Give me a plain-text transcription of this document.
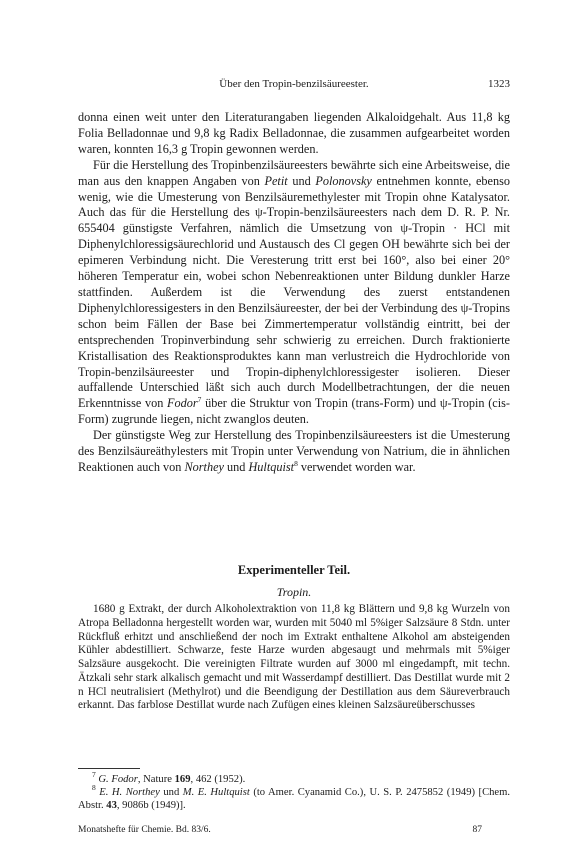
Über den Tropin-benzilsäureester.	1323

donna einen weit unter den Literaturangaben liegenden Alkaloidgehalt. Aus 11,8 kg Folia Belladonnae und 9,8 kg Radix Belladonnae, die zusammen aufgearbeitet worden waren, konnten 16,3 g Tropin gewonnen werden.

Für die Herstellung des Tropinbenzilsäureesters bewährte sich eine Arbeitsweise, die man aus den knappen Angaben von Petit und Polonovsky entnehmen konnte, ebenso wenig, wie die Umesterung von Benzilsäuremethylester mit Tropin ohne Katalysator. Auch das für die Herstellung des ψ-Tropin-benzilsäureesters nach dem D. R. P. Nr. 655404 günstigste Verfahren, nämlich die Umsetzung von ψ-Tropin · HCl mit Diphenylchloressigsäurechlorid und Austausch des Cl gegen OH bewährte sich bei der epimeren Verbindung nicht. Die Veresterung tritt erst bei 160°, also bei einer 20° höheren Temperatur ein, wobei schon Nebenreaktionen unter Bildung dunkler Harze stattfinden. Außerdem ist die Verwendung des zuerst entstandenen Diphenylchloressigesters in den Benzilsäureester, der bei der Verbindung des ψ-Tropins schon beim Fällen der Base bei Zimmertemperatur vollständig eintritt, bei der entsprechenden Tropinverbindung sehr schwierig zu erreichen. Durch fraktionierte Kristallisation des Reaktionsproduktes kann man verlustreich die Hydrochloride von Tropin-benzilsäureester und Tropin-diphenylchloressigester isolieren. Dieser auffallende Unterschied läßt sich auch durch Modellbetrachtungen, der die neuen Erkenntnisse von Fodor$^7$ über die Struktur von Tropin (trans-Form) und ψ-Tropin (cis-Form) zugrunde liegen, nicht zwanglos deuten.

Der günstigste Weg zur Herstellung des Tropinbenzilsäureesters ist die Umesterung des Benzilsäureäthylesters mit Tropin unter Verwendung von Natrium, die in ähnlichen Reaktionen auch von Northey und Hultquist$^8$ verwendet worden war.

Experimenteller Teil.
Tropin.

1680 g Extrakt, der durch Alkoholextraktion von 11,8 kg Blättern und 9,8 kg Wurzeln von Atropa Belladonna hergestellt worden war, wurden mit 5040 ml 5%iger Salzsäure 8 Stdn. unter Rückfluß erhitzt und anschließend der noch im Extrakt enthaltene Alkohol am absteigenden Kühler abdestilliert. Schwarze, feste Harze wurden abgesaugt und mehrmals mit 5%iger Salzsäure ausgekocht. Die vereinigten Filtrate wurden auf 3000 ml eingedampft, mit techn. Ätzkali sehr stark alkalisch gemacht und mit Wasserdampf destilliert. Das Destillat wurde mit 2 n HCl neutralisiert (Methylrot) und die Beendigung der Destillation aus dem Säureverbrauch erkannt. Das farblose Destillat wurde nach Zufügen eines kleinen Salzsäureüberschusses

$^7$ G. Fodor, Nature 169, 462 (1952).

$^8$ E. H. Northey und M. E. Hultquist (to Amer. Cyanamid Co.), U. S. P. 2475852 (1949) [Chem. Abstr. 43, 9086b (1949)].

Monatshefte für Chemie. Bd. 83/6.	87
